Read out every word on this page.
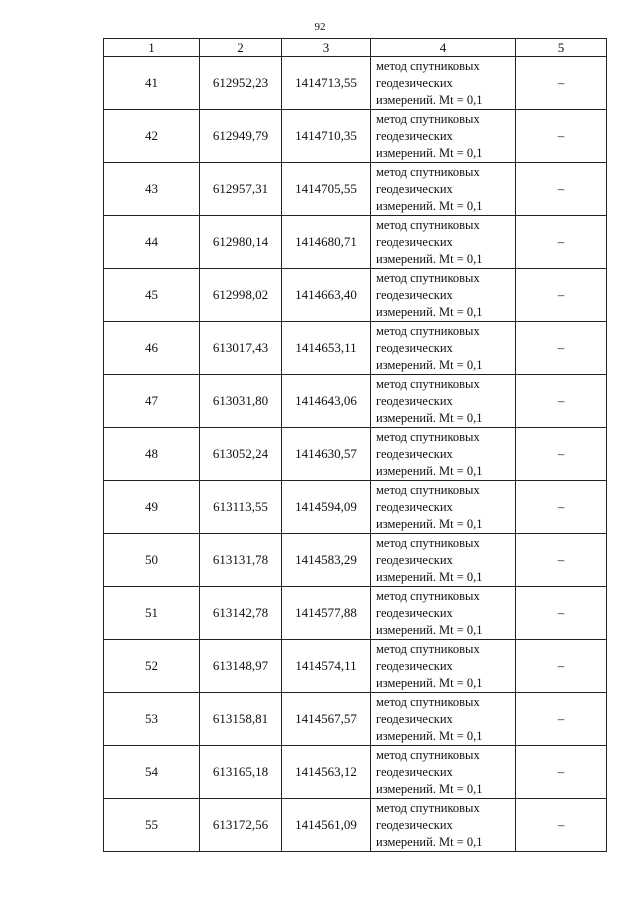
92
1	2	3	4	5
41	612952,23	1414713,55	метод спутниковых
геодезических
измерений. Mt = 0,1	–
42	612949,79	1414710,35	метод спутниковых
геодезических
измерений. Mt = 0,1	–
43	612957,31	1414705,55	метод спутниковых
геодезических
измерений. Mt = 0,1	–
44	612980,14	1414680,71	метод спутниковых
геодезических
измерений. Mt = 0,1	–
45	612998,02	1414663,40	метод спутниковых
геодезических
измерений. Mt = 0,1	–
46	613017,43	1414653,11	метод спутниковых
геодезических
измерений. Mt = 0,1	–
47	613031,80	1414643,06	метод спутниковых
геодезических
измерений. Mt = 0,1	–
48	613052,24	1414630,57	метод спутниковых
геодезических
измерений. Mt = 0,1	–
49	613113,55	1414594,09	метод спутниковых
геодезических
измерений. Mt = 0,1	–
50	613131,78	1414583,29	метод спутниковых
геодезических
измерений. Mt = 0,1	–
51	613142,78	1414577,88	метод спутниковых
геодезических
измерений. Mt = 0,1	–
52	613148,97	1414574,11	метод спутниковых
геодезических
измерений. Mt = 0,1	–
53	613158,81	1414567,57	метод спутниковых
геодезических
измерений. Mt = 0,1	–
54	613165,18	1414563,12	метод спутниковых
геодезических
измерений. Mt = 0,1	–
55	613172,56	1414561,09	метод спутниковых
геодезических
измерений. Mt = 0,1	–
